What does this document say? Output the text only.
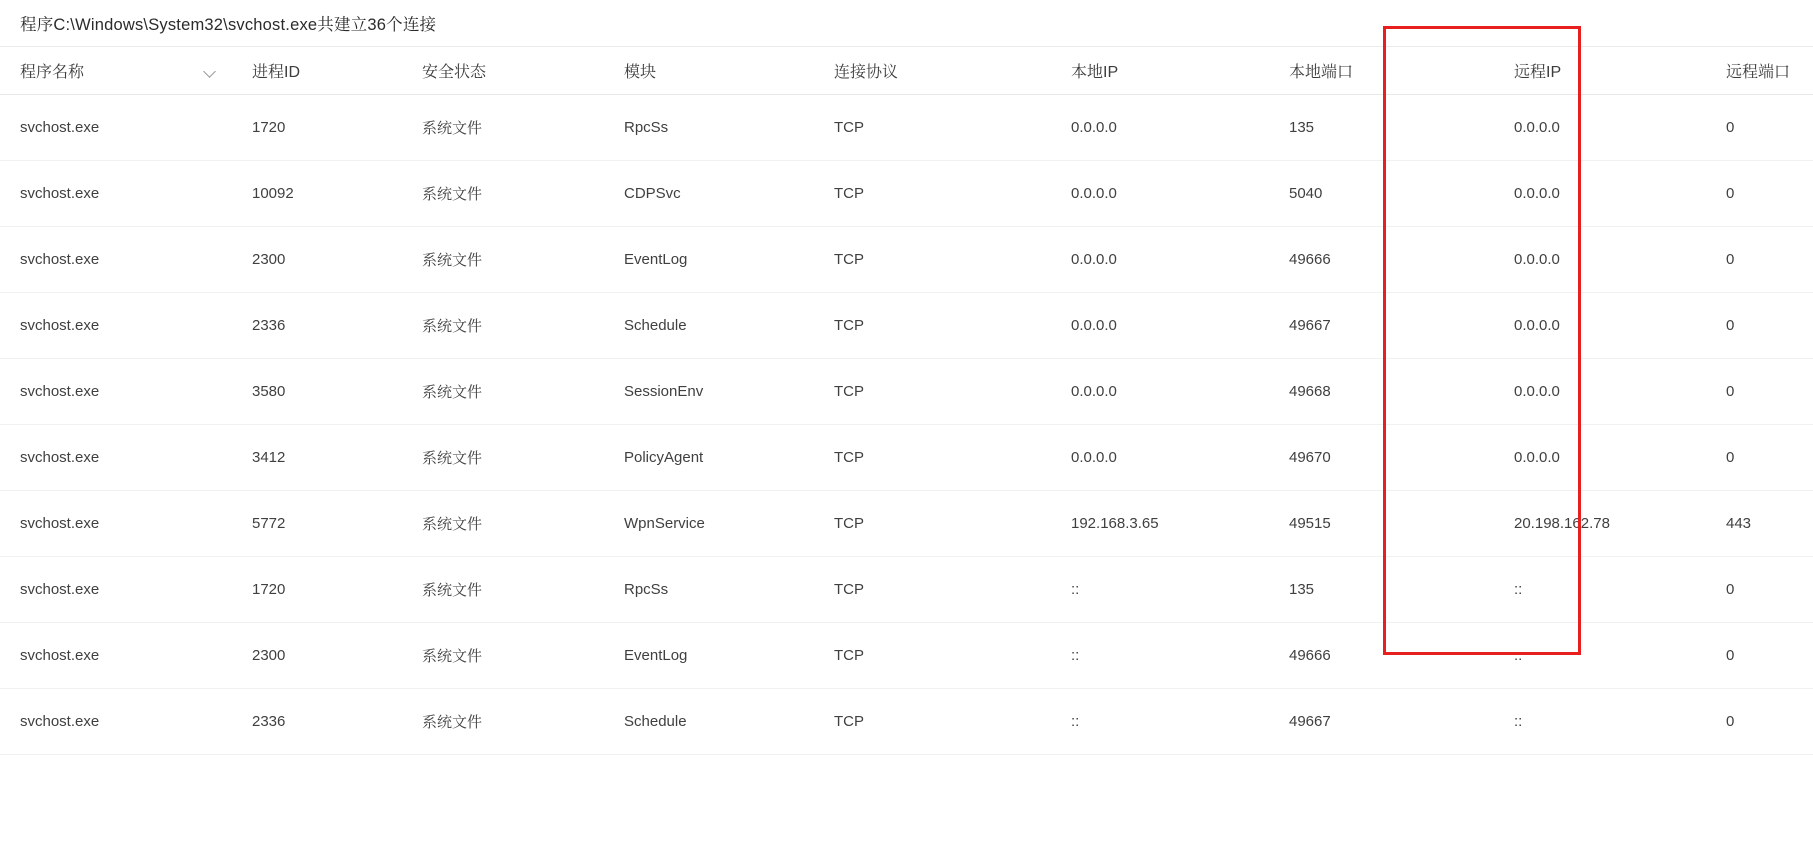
程序C:\Windows\System32\svchost.exe共建立36个连接
程序名称	进程ID	安全状态	模块	连接协议	本地IP	本地端口	远程IP	远程端口
svchost.exe	1720	系统文件	RpcSs	TCP	0.0.0.0	135	0.0.0.0	0
svchost.exe	10092	系统文件	CDPSvc	TCP	0.0.0.0	5040	0.0.0.0	0
svchost.exe	2300	系统文件	EventLog	TCP	0.0.0.0	49666	0.0.0.0	0
svchost.exe	2336	系统文件	Schedule	TCP	0.0.0.0	49667	0.0.0.0	0
svchost.exe	3580	系统文件	SessionEnv	TCP	0.0.0.0	49668	0.0.0.0	0
svchost.exe	3412	系统文件	PolicyAgent	TCP	0.0.0.0	49670	0.0.0.0	0
svchost.exe	5772	系统文件	WpnService	TCP	192.168.3.65	49515	20.198.162.78	443
svchost.exe	1720	系统文件	RpcSs	TCP	::	135	::	0
svchost.exe	2300	系统文件	EventLog	TCP	::	49666	::	0
svchost.exe	2336	系统文件	Schedule	TCP	::	49667	::	0
